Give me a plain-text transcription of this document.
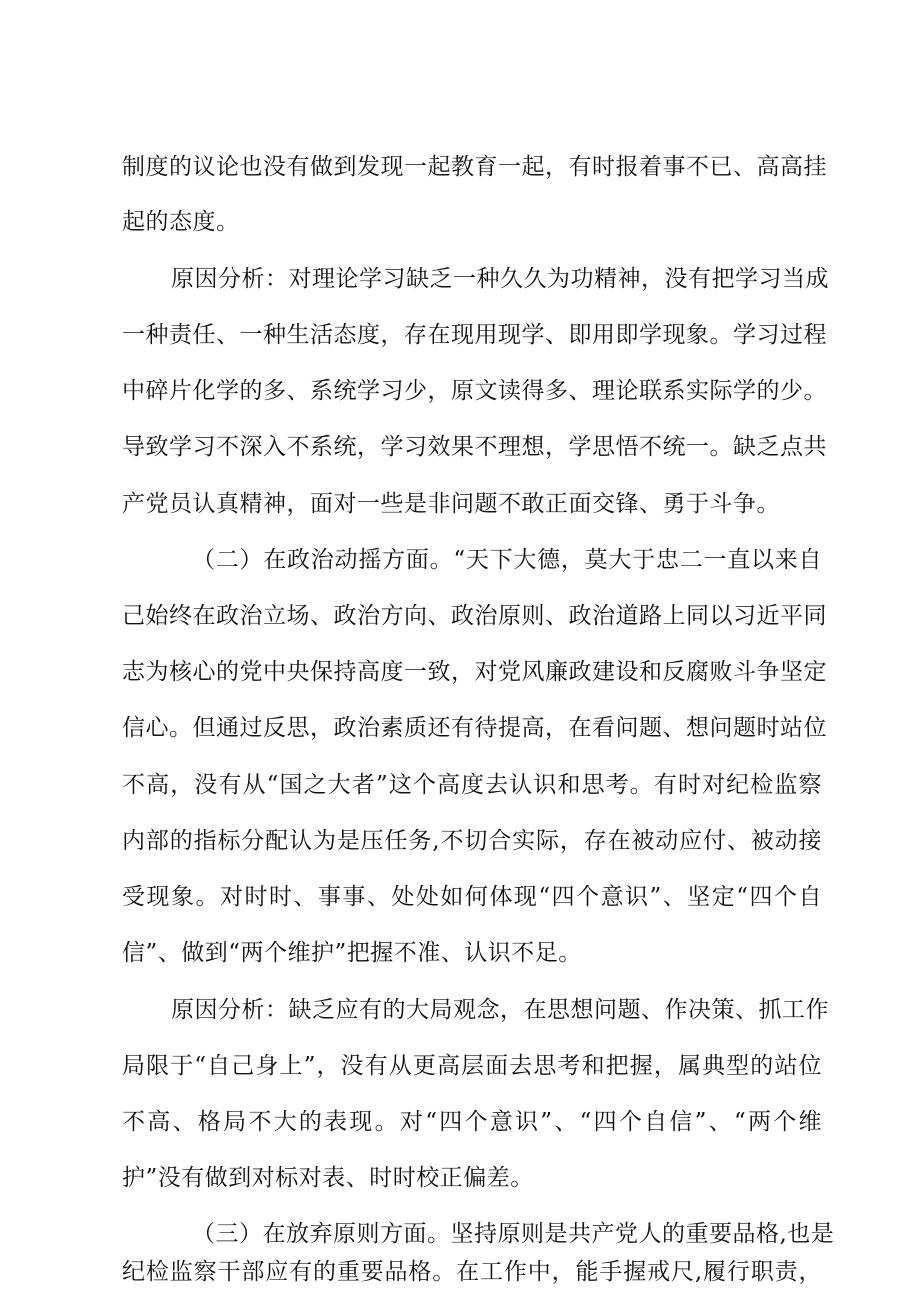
制度的议论也没有做到发现一起教育一起，有时报着事不已、高高挂
起的态度。
原因分析：对理论学习缺乏一种久久为功精神，没有把学习当成
一种责任、一种生活态度，存在现用现学、即用即学现象。学习过程
中碎片化学的多、系统学习少，原文读得多、理论联系实际学的少。
导致学习不深入不系统，学习效果不理想，学思悟不统一。缺乏点共
产党员认真精神，面对一些是非问题不敢正面交锋、勇于斗争。
（二）在政治动摇方面。“天下大德，莫大于忠二一直以来自
己始终在政治立场、政治方向、政治原则、政治道路上同以习近平同
志为核心的党中央保持高度一致，对党风廉政建设和反腐败斗争坚定
信心。但通过反思，政治素质还有待提高，在看问题、想问题时站位
不高，没有从“国之大者”这个高度去认识和思考。有时对纪检监察
内部的指标分配认为是压任务,不切合实际，存在被动应付、被动接
受现象。对时时、事事、处处如何体现“四个意识”、坚定“四个自
信”、做到“两个维护”把握不准、认识不足。
原因分析：缺乏应有的大局观念，在思想问题、作决策、抓工作
局限于“自己身上”，没有从更高层面去思考和把握，属典型的站位
不高、格局不大的表现。对“四个意识”、“四个自信”、“两个维
护”没有做到对标对表、时时校正偏差。
（三）在放弃原则方面。坚持原则是共产党人的重要品格,也是
纪检监察干部应有的重要品格。在工作中，能手握戒尺,履行职责，
